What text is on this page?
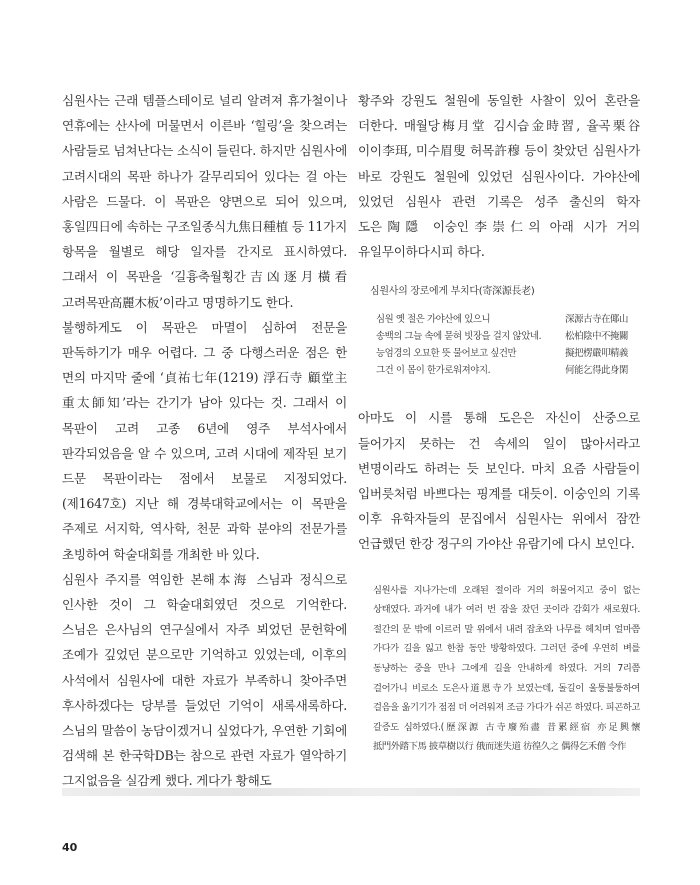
심원사는 근래 템플스테이로 널리 알려져 휴가철이나 연휴에는 산사에 머물면서 이른바 ‘힐링’을 찾으려는 사람들로 넘쳐난다는 소식이 들린다. 하지만 심원사에 고려시대의 목판 하나가 갈무리되어 있다는 걸 아는 사람은 드물다. 이 목판은 양면으로 되어 있으며, 홍일四日에 속하는 구조일종식九焦日種植 등 11가지 항목을 월별로 해당 일자를 간지로 표시하였다. 그래서 이 목판을 ‘길흉축월횡간吉凶逐月橫看 고려목판高麗木板’이라고 명명하기도 한다.

불행하게도 이 목판은 마멸이 심하여 전문을 판독하기가 매우 어렵다. 그 중 다행스러운 점은 한 면의 마지막 줄에 ‘貞祐七年(1219) 浮石寺 顧堂主 重太師知’라는 간기가 남아 있다는 것. 그래서 이 목판이 고려 고종 6년에 영주 부석사에서 판각되었음을 알 수 있으며, 고려 시대에 제작된 보기 드문 목판이라는 점에서 보물로 지정되었다.(제1647호) 지난 해 경북대학교에서는 이 목판을 주제로 서지학, 역사학, 천문 과학 분야의 전문가를 초빙하여 학술대회를 개최한 바 있다.

심원사 주지를 역임한 본해本海 스님과 정식으로 인사한 것이 그 학술대회였던 것으로 기억한다. 스님은 은사님의 연구실에서 자주 뵈었던 문헌학에 조예가 깊었던 분으로만 기억하고 있었는데, 이후의 사석에서 심원사에 대한 자료가 부족하니 찾아주면 후사하겠다는 당부를 들었던 기억이 새록새록하다. 스님의 말씀이 농담이겠거니 싶었다가, 우연한 기회에 검색해 본 한국학DB는 참으로 관련 자료가 열악하기 그지없음을 실감케 했다. 게다가 황해도

황주와 강원도 철원에 동일한 사찰이 있어 혼란을 더한다. 매월당梅月堂 김시습金時習, 율곡栗谷 이이李珥, 미수眉叟 허목許穆 등이 찾았던 심원사가 바로 강원도 철원에 있었던 심원사이다. 가야산에 있었던 심원사 관련 기록은 성주 출신의 학자 도은陶隱 이숭인李崇仁의 아래 시가 거의 유일무이하다시피 하다.

심원사의 장로에게 부치다(寄深源長老)

심원 옛 절은 가야산에 있으니	深源古寺在倻山
송백의 그늘 속에 묻혀 빗장을 걸지 않았네.	松柏陰中不掩關
능엄경의 오묘한 뜻 물어보고 싶건만	擬把楞嚴叩精義
그건 이 몸이 한가로워져야지.	何能乞得此身閑

아마도 이 시를 통해 도은은 자신이 산중으로 들어가지 못하는 건 속세의 일이 많아서라고 변명이라도 하려는 듯 보인다. 마치 요즘 사람들이 입버릇처럼 바쁘다는 핑계를 대듯이. 이숭인의 기록 이후 유학자들의 문집에서 심원사는 위에서 잠깐 언급했던 한강 정구의 가야산 유람기에 다시 보인다.

심원사를 지나가는데 오래된 절이라 거의 허물어지고 중이 없는 상태였다. 과거에 내가 여러 번 잠을 잤던 곳이라 감회가 새로웠다. 절간의 문 밖에 이르러 말 위에서 내려 잡초와 나무를 헤치며 얼마쯤 가다가 길을 잃고 한참 동안 방황하였다. 그러던 중에 우연히 벼를 동냥하는 중을 만나 그에게 길을 안내하게 하였다. 거의 7리쯤 걸어가니 비로소 도은사道恩寺가 보였는데, 돌길이 울퉁불퉁하여 걸음을 옮기기가 점점 더 어려워져 조금 가다가 쉬곤 하였다. 피곤하고 갈증도 심하였다.(歷深源 古寺廢殆盡 昔累經宿 亦足興懷 抵門外踏下馬 披草樹以行 俄而迷失道 彷徨久之 偶得乞禾僧 令作
40
